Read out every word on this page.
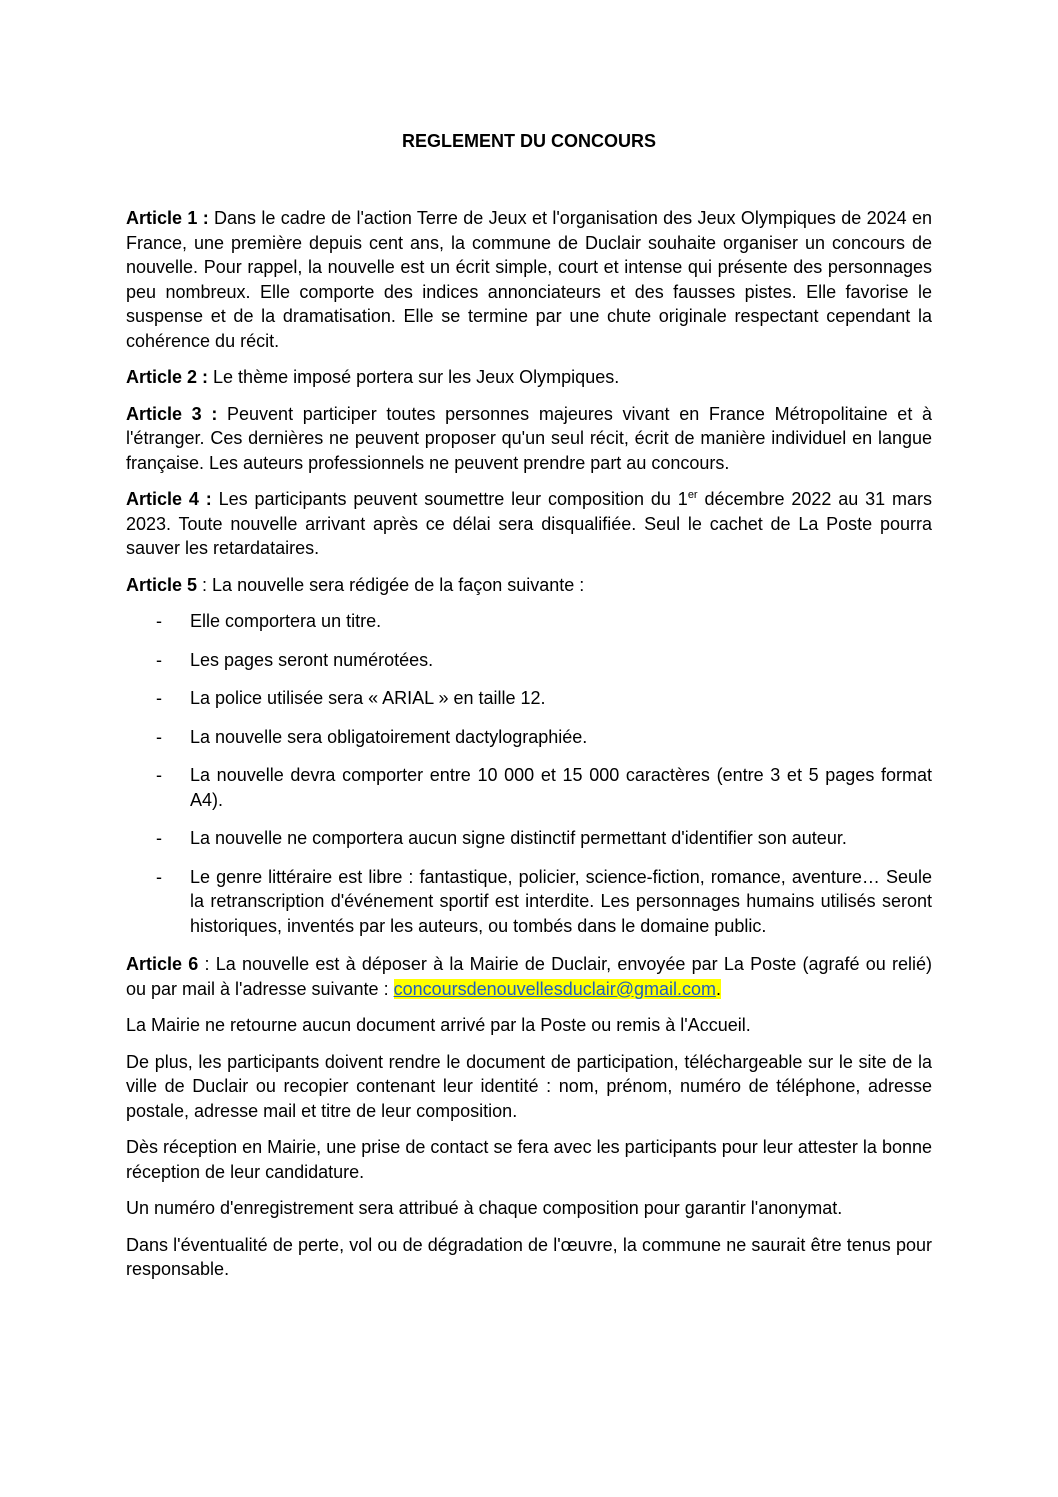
REGLEMENT DU CONCOURS

Article 1 : Dans le cadre de l'action Terre de Jeux et l'organisation des Jeux Olympiques de 2024 en France, une première depuis cent ans, la commune de Duclair souhaite organiser un concours de nouvelle. Pour rappel, la nouvelle est un écrit simple, court et intense qui présente des personnages peu nombreux. Elle comporte des indices annonciateurs et des fausses pistes. Elle favorise le suspense et de la dramatisation. Elle se termine par une chute originale respectant cependant la cohérence du récit.

Article 2 : Le thème imposé portera sur les Jeux Olympiques.

Article 3 : Peuvent participer toutes personnes majeures vivant en France Métropolitaine et à l'étranger. Ces dernières ne peuvent proposer qu'un seul récit, écrit de manière individuel en langue française. Les auteurs professionnels ne peuvent prendre part au concours.

Article 4 : Les participants peuvent soumettre leur composition du 1er décembre 2022 au 31 mars 2023. Toute nouvelle arrivant après ce délai sera disqualifiée. Seul le cachet de La Poste pourra sauver les retardataires.

Article 5 : La nouvelle sera rédigée de la façon suivante :

- Elle comportera un titre.
- Les pages seront numérotées.
- La police utilisée sera « ARIAL » en taille 12.
- La nouvelle sera obligatoirement dactylographiée.
- La nouvelle devra comporter entre 10 000 et 15 000 caractères (entre 3 et 5 pages format A4).
- La nouvelle ne comportera aucun signe distinctif permettant d'identifier son auteur.
- Le genre littéraire est libre : fantastique, policier, science-fiction, romance, aventure… Seule la retranscription d'événement sportif est interdite. Les personnages humains utilisés seront historiques, inventés par les auteurs, ou tombés dans le domaine public.

Article 6 : La nouvelle est à déposer à la Mairie de Duclair, envoyée par La Poste (agrafé ou relié) ou par mail à l'adresse suivante : concoursdenouvellesduclair@gmail.com.

La Mairie ne retourne aucun document arrivé par la Poste ou remis à l'Accueil.

De plus, les participants doivent rendre le document de participation, téléchargeable sur le site de la ville de Duclair ou recopier contenant leur identité : nom, prénom, numéro de téléphone, adresse postale, adresse mail et titre de leur composition.

Dès réception en Mairie, une prise de contact se fera avec les participants pour leur attester la bonne réception de leur candidature.

Un numéro d'enregistrement sera attribué à chaque composition pour garantir l'anonymat.

Dans l'éventualité de perte, vol ou de dégradation de l'œuvre, la commune ne saurait être tenus pour responsable.
